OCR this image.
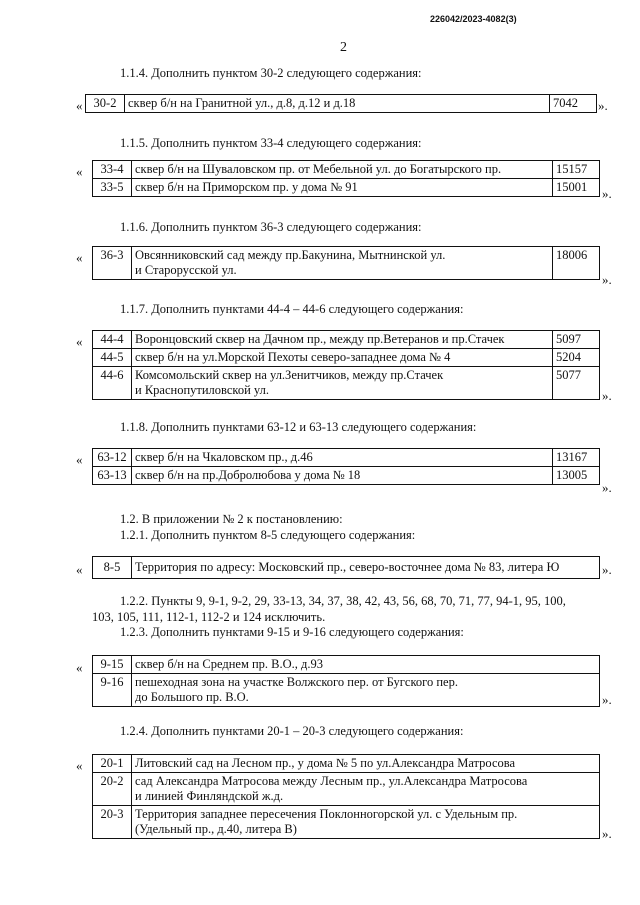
226042/2023-4082(3)
2
1.1.4. Дополнить пунктом 30-2 следующего содержания:
« 30-2	сквер б/н на Гранитной ул., д.8, д.12 и д.18	7042 ».
1.1.5. Дополнить пунктом 33-4 следующего содержания:
« 33-4	сквер б/н на Шуваловском пр. от Мебельной ул. до Богатырского пр.	15157
33-5	сквер б/н на Приморском пр. у дома № 91	15001 ».
1.1.6. Дополнить пунктом 36-3 следующего содержания:
« 36-3	Овсянниковский сад между пр.Бакунина, Мытнинской ул.
и Старорусской ул.
	18006
».
1.1.7. Дополнить пунктами 44-4 – 44-6 следующего содержания:
« 44-4	Воронцовский сквер на Дачном пр., между пр.Ветеранов и пр.Стачек	5097
44-5	сквер б/н на ул.Морской Пехоты северо-западнее дома № 4	5204
44-6	Комсомольский сквер на ул.Зенитчиков, между пр.Стачек
и Краснопутиловской ул.	5077
».
1.1.8. Дополнить пунктами 63-12 и 63-13 следующего содержания:
« 63-12	сквер б/н на Чкаловском пр., д.46	13167
63-13	сквер б/н на пр.Добролюбова у дома № 18	13005
».
1.2. В приложении № 2 к постановлению:
1.2.1. Дополнить пунктом 8-5 следующего содержания:
« 8-5	Территория по адресу: Московский пр., северо-восточнее дома № 83, литера Ю	».
1.2.2. Пункты 9, 9-1, 9-2, 29, 33-13, 34, 37, 38, 42, 43, 56, 68, 70, 71, 77, 94-1, 95, 100,
103, 105, 111, 112-1, 112-2 и 124 исключить.
1.2.3. Дополнить пунктами 9-15 и 9-16 следующего содержания:
« 9-15	сквер б/н на Среднем пр. В.О., д.93
9-16	пешеходная зона на участке Волжского пер. от Бугского пер.
до Большого пр. В.О.	».
1.2.4. Дополнить пунктами 20-1 – 20-3 следующего содержания:
« 20-1	Литовский сад на Лесном пр., у дома № 5 по ул.Александра Матросова
20-2	сад Александра Матросова между Лесным пр., ул.Александра Матросова
и линией Финляндской ж.д.

20-3	Территория западнее пересечения Поклонногорской ул. с Удельным пр.
(Удельный пр., д.40, литера В)	».
